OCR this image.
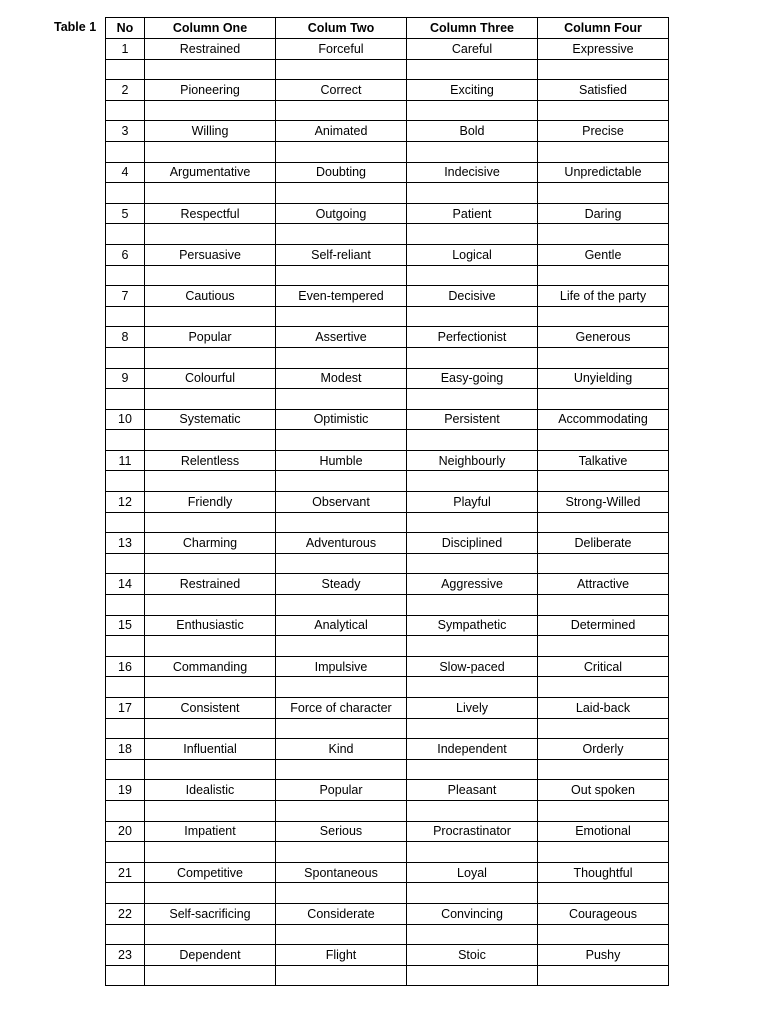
Table 1 No	Column One	Colum Two	Column Three	Column Four
1	Restrained	Forceful	Careful	Expressive

2	Pioneering	Correct	Exciting	Satisfied

3	Willing	Animated	Bold	Precise

4	Argumentative	Doubting	Indecisive	Unpredictable

5	Respectful	Outgoing	Patient	Daring

6	Persuasive	Self-reliant	Logical	Gentle

7	Cautious	Even-tempered	Decisive	Life of the party

8	Popular	Assertive	Perfectionist	Generous

9	Colourful	Modest	Easy-going	Unyielding

10	Systematic	Optimistic	Persistent	Accommodating

11	Relentless	Humble	Neighbourly	Talkative

12	Friendly	Observant	Playful	Strong-Willed

13	Charming	Adventurous	Disciplined	Deliberate

14	Restrained	Steady	Aggressive	Attractive

15	Enthusiastic	Analytical	Sympathetic	Determined

16	Commanding	Impulsive	Slow-paced	Critical

17	Consistent	Force of character	Lively	Laid-back

18	Influential	Kind	Independent	Orderly

19	Idealistic	Popular	Pleasant	Out spoken

20	Impatient	Serious	Procrastinator	Emotional

21	Competitive	Spontaneous	Loyal	Thoughtful

22	Self-sacrificing	Considerate	Convincing	Courageous

23	Dependent	Flight	Stoic	Pushy
